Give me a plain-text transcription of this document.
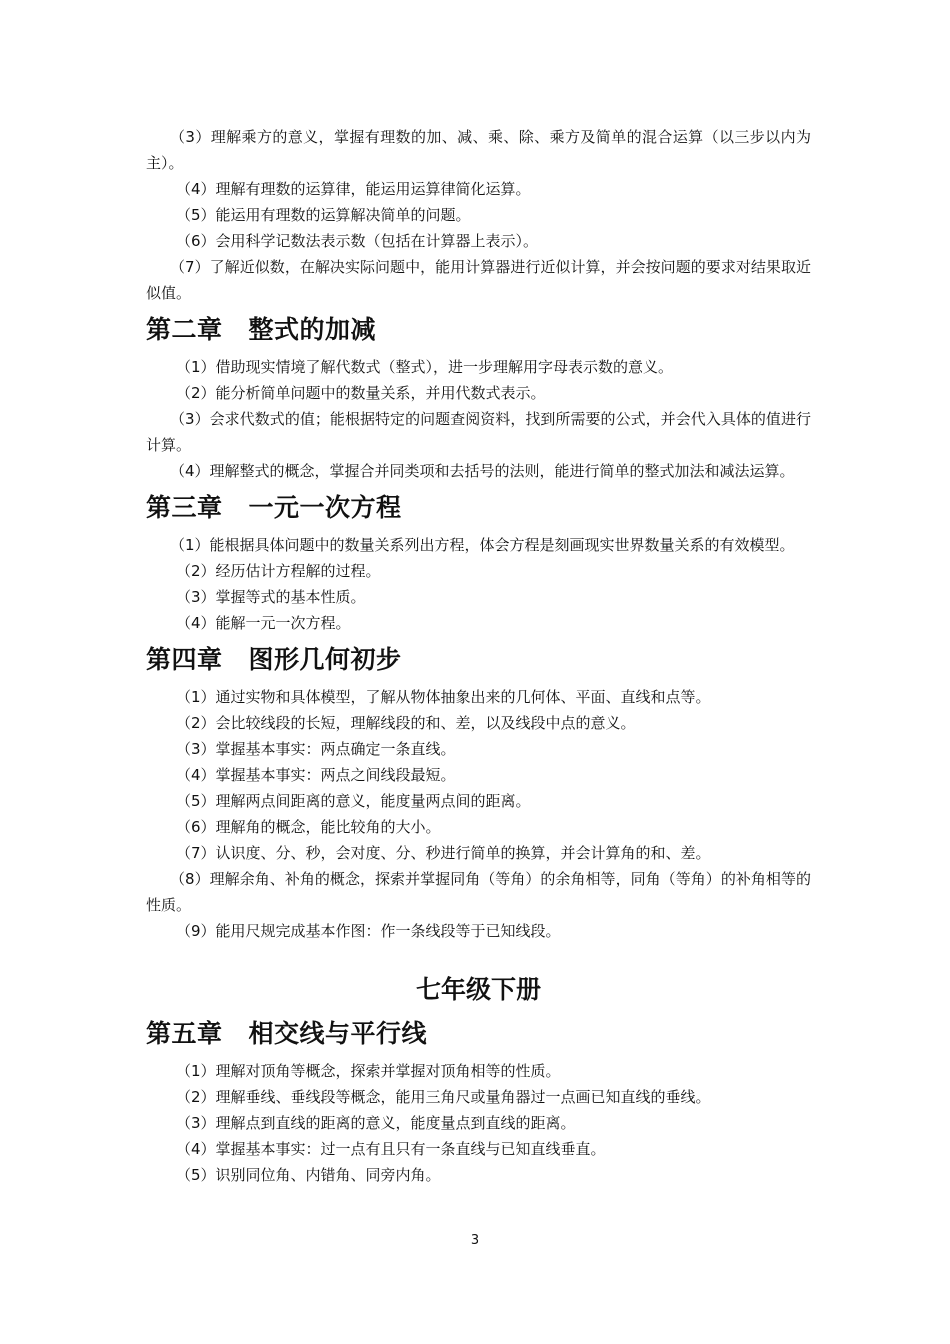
（3）理解乘方的意义，掌握有理数的加、减、乘、除、乘方及简单的混合运算（以三步以内为主）。

（4）理解有理数的运算律，能运用运算律简化运算。

（5）能运用有理数的运算解决简单的问题。

（6）会用科学记数法表示数（包括在计算器上表示）。

（7）了解近似数，在解决实际问题中，能用计算器进行近似计算，并会按问题的要求对结果取近似值。

第二章 整式的加减

（1）借助现实情境了解代数式（整式），进一步理解用字母表示数的意义。

（2）能分析简单问题中的数量关系，并用代数式表示。

（3）会求代数式的值；能根据特定的问题查阅资料，找到所需要的公式，并会代入具体的值进行计算。

（4）理解整式的概念，掌握合并同类项和去括号的法则，能进行简单的整式加法和减法运算。

第三章 一元一次方程

（1）能根据具体问题中的数量关系列出方程，体会方程是刻画现实世界数量关系的有效模型。

（2）经历估计方程解的过程。

（3）掌握等式的基本性质。

（4）能解一元一次方程。

第四章 图形几何初步

（1）通过实物和具体模型，了解从物体抽象出来的几何体、平面、直线和点等。

（2）会比较线段的长短，理解线段的和、差，以及线段中点的意义。

（3）掌握基本事实：两点确定一条直线。

（4）掌握基本事实：两点之间线段最短。

（5）理解两点间距离的意义，能度量两点间的距离。

（6）理解角的概念，能比较角的大小。

（7）认识度、分、秒，会对度、分、秒进行简单的换算，并会计算角的和、差。

（8）理解余角、补角的概念，探索并掌握同角（等角）的余角相等，同角（等角）的补角相等的性质。

（9）能用尺规完成基本作图：作一条线段等于已知线段。

七年级下册
第五章 相交线与平行线

（1）理解对顶角等概念，探索并掌握对顶角相等的性质。

（2）理解垂线、垂线段等概念，能用三角尺或量角器过一点画已知直线的垂线。

（3）理解点到直线的距离的意义，能度量点到直线的距离。

（4）掌握基本事实：过一点有且只有一条直线与已知直线垂直。

（5）识别同位角、内错角、同旁内角。

3
